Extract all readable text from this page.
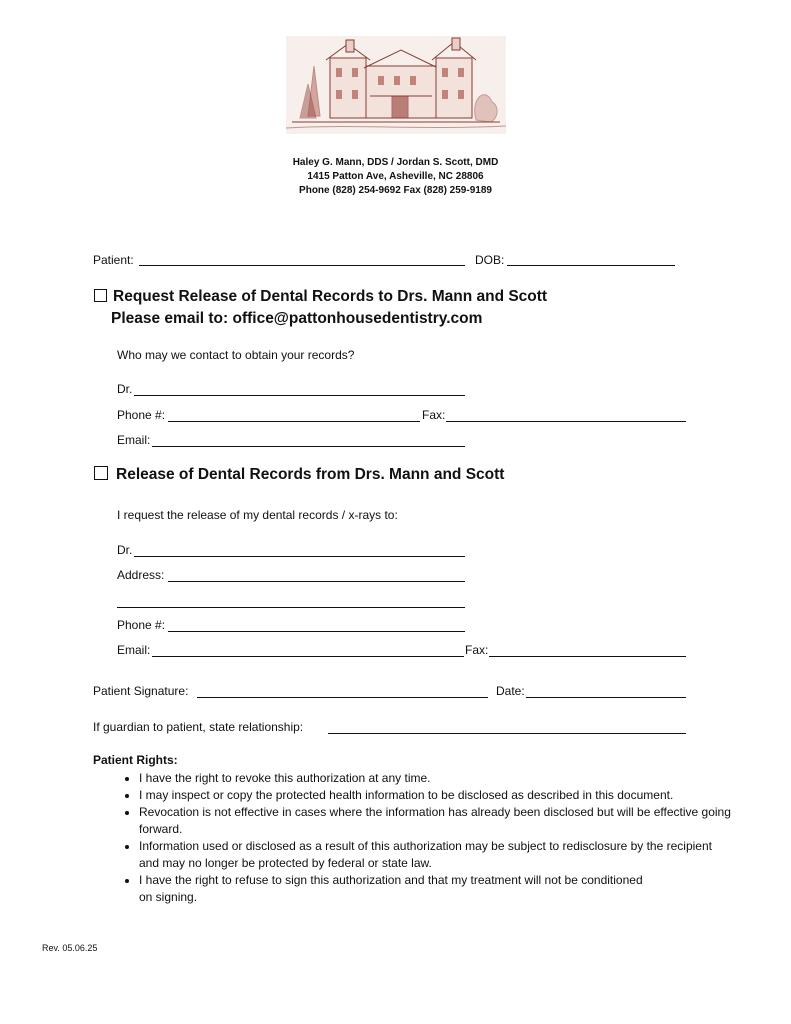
Haley G. Mann, DDS / Jordan S. Scott, DMD
1415 Patton Ave, Asheville, NC 28806
Phone (828) 254-9692 Fax (828) 259-9189
Patient:	DOB:
Request Release of Dental Records to Drs. Mann and Scott
Please email to: office@pattonhousedentistry.com
Who may we contact to obtain your records?
Dr.
Phone #:	Fax:
Email:
Release of Dental Records from Drs. Mann and Scott
I request the release of my dental records / x-rays to:
Dr.
Address:
Phone #:
Email:	Fax:
Patient Signature:	Date:
If guardian to patient, state relationship:
Patient Rights:
• I have the right to revoke this authorization at any time.
• I may inspect or copy the protected health information to be disclosed as described in this document.
• Revocation is not effective in cases where the information has already been disclosed but will be effective going forward.
• Information used or disclosed as a result of this authorization may be subject to redisclosure by the recipient and may no longer be protected by federal or state law.
• I have the right to refuse to sign this authorization and that my treatment will not be conditioned on signing.
Rev. 05.06.25
